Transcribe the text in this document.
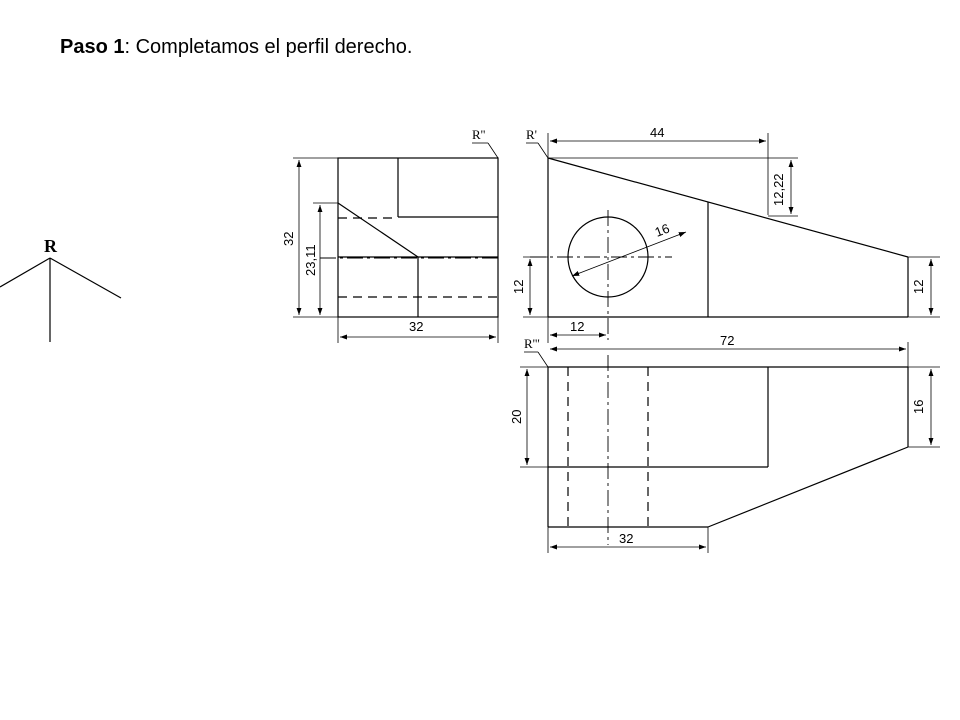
Paso 1: Completamos el perfil derecho.
R
R''
32
23,11
32
R'	44
12,22
16
12	12
12
R'''	72
20
16
32
